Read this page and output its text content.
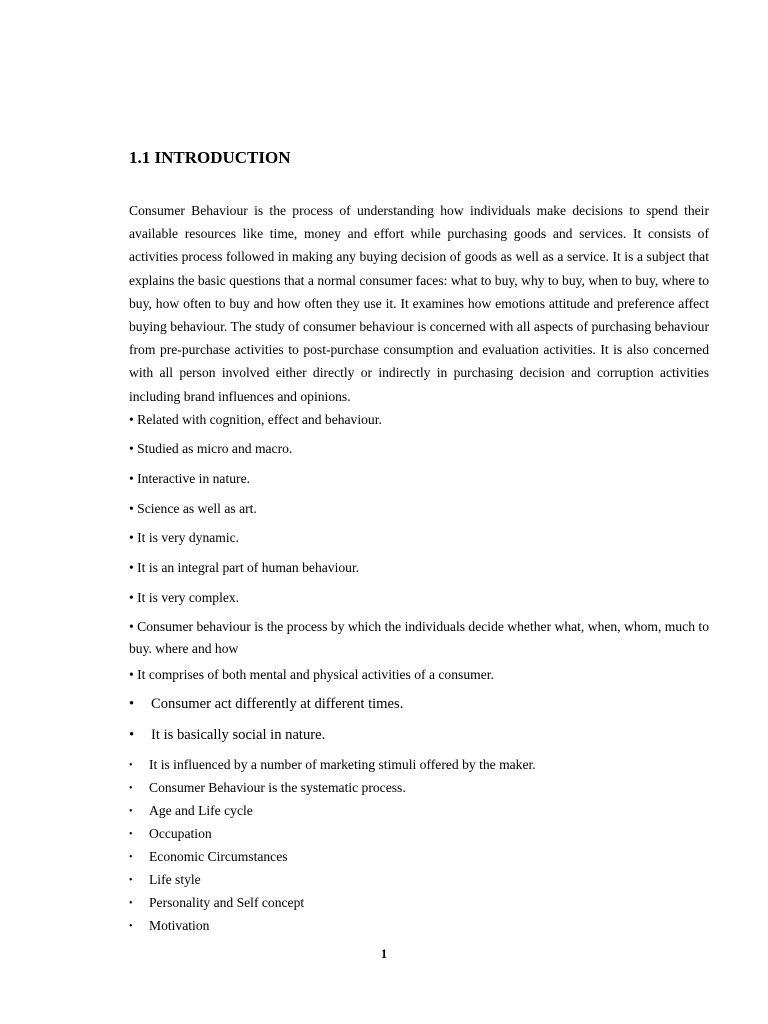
1.1 INTRODUCTION

Consumer Behaviour is the process of understanding how individuals make decisions to spend their available resources like time, money and effort while purchasing goods and services. It consists of activities process followed in making any buying decision of goods as well as a service. It is a subject that explains the basic questions that a normal consumer faces: what to buy, why to buy, when to buy, where to buy, how often to buy and how often they use it. It examines how emotions attitude and preference affect buying behaviour. The study of consumer behaviour is concerned with all aspects of purchasing behaviour from pre-purchase activities to post-purchase consumption and evaluation activities. It is also concerned with all person involved either directly or indirectly in purchasing decision and corruption activities including brand influences and opinions.

• Related with cognition, effect and behaviour.

• Studied as micro and macro.

• Interactive in nature.

• Science as well as art.

• It is very dynamic.

• It is an integral part of human behaviour.

• It is very complex.

• Consumer behaviour is the process by which the individuals decide whether what, when, whom, much to buy. where and how

• It comprises of both mental and physical activities of a consumer.

• Consumer act differently at different times.

• It is basically social in nature.

• It is influenced by a number of marketing stimuli offered by the maker.

• Consumer Behaviour is the systematic process.

• Age and Life cycle

• Occupation

• Economic Circumstances

• Life style

• Personality and Self concept

• Motivation

1
